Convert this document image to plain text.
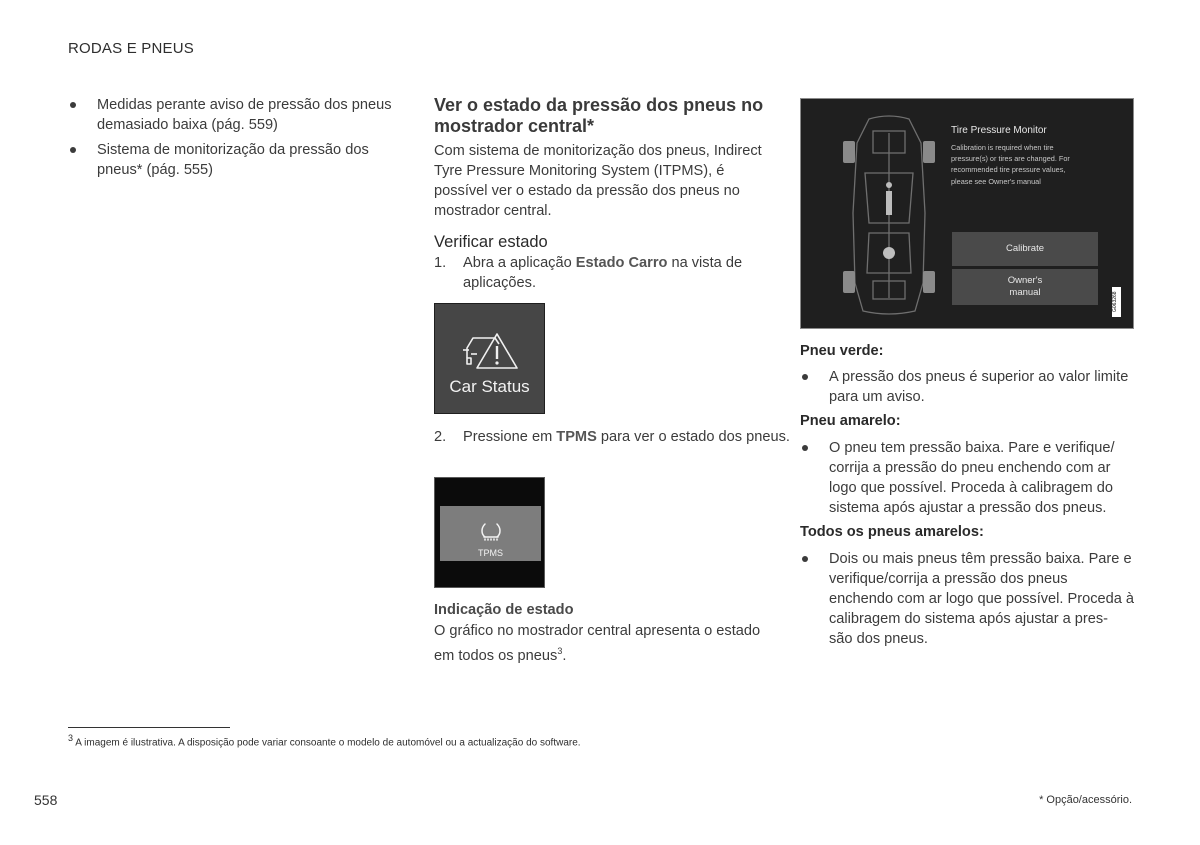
RODAS E PNEUS
Medidas perante aviso de pressão dos pneus demasiado baixa (pág. 559)
Sistema de monitorização da pressão dos pneus* (pág. 555)
Ver o estado da pressão dos pneus no mostrador central*

Com sistema de monitorização dos pneus, Indirect Tyre Pressure Monitoring System (ITPMS), é possível ver o estado da pressão dos pneus no mostrador central.

Verificar estado
1. Abra a aplicação Estado Carro na vista de aplicações.
Car Status
2. Pressione em TPMS para ver o estado dos pneus.
TPMS
Indicação de estado

O gráfico no mostrador central apresenta o estado em todos os pneus$^3$.

Tire Pressure Monitor
Calibration is required when tire pressure(s) or tires are changed. For recommended tire pressure values, please see Owner's manual
Calibrate
Owner's
manual	G063268
Pneu verde:
A pressão dos pneus é superior ao valor limite para um aviso.
Pneu amarelo:
O pneu tem pressão baixa. Pare e verifique/ corrija a pressão do pneu enchendo com ar logo que possível. Proceda à calibragem do sistema após ajustar a pressão dos pneus.
Todos os pneus amarelos:
Dois ou mais pneus têm pressão baixa. Pare e verifique/corrija a pressão dos pneus enchendo com ar logo que possível. Proceda à calibragem do sistema após ajustar a pres- são dos pneus.
$^3$ A imagem é ilustrativa. A disposição pode variar consoante o modelo de automóvel ou a actualização do software.
558	* Opção/acessório.
